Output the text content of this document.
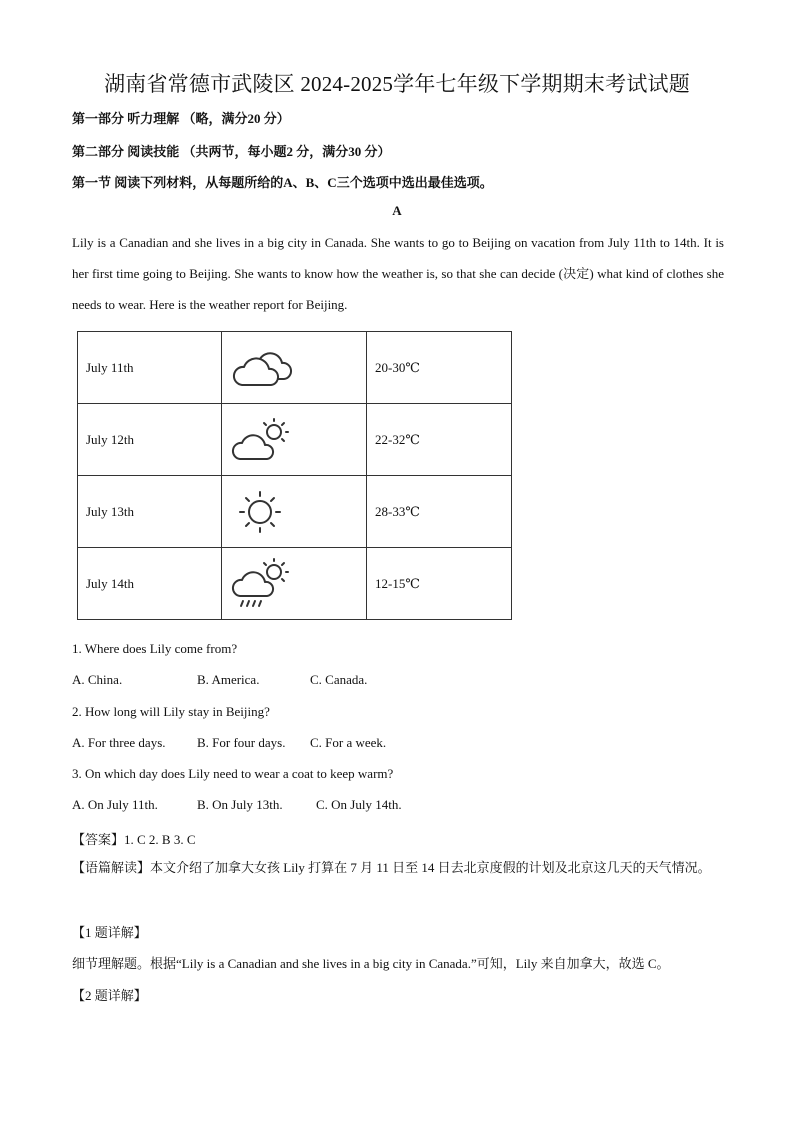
湖南省常德市武陵区 2024-2025学年七年级下学期期末考试试题
第一部分 听力理解 （略，满分20 分）
第二部分 阅读技能 （共两节，每小题2 分，满分30 分）
第一节 阅读下列材料，从每题所给的A、B、C三个选项中选出最佳选项。
A
Lily is a Canadian and she lives in a big city in Canada. She wants to go to Beijing on vacation from July 11th to 14th. It is her first time going to Beijing. She wants to know how the weather is, so that she can decide (决定) what kind of clothes she needs to wear. Here is the weather report for Beijing.
July 11th		20-30℃
July 12th		22-32℃
July 13th		28-33℃
July 14th		12-15℃
1. Where does Lily come from?
A. China.	B. America.	C. Canada.
2. How long will Lily stay in Beijing?
A. For three days. B. For four days. C. For a week.
3. On which day does Lily need to wear a coat to keep warm?
A. On July 11th.	B. On July 13th.	C. On July 14th.
【答案】1. C 2. B 3. C
【语篇解读】本文介绍了加拿大女孩 Lily 打算在 7 月 11 日至 14 日去北京度假的计划及北京这几天的天气情况。
【1 题详解】
细节理解题。根据“Lily is a Canadian and she lives in a big city in Canada.”可知，Lily 来自加拿大，故选 C。
【2 题详解】
